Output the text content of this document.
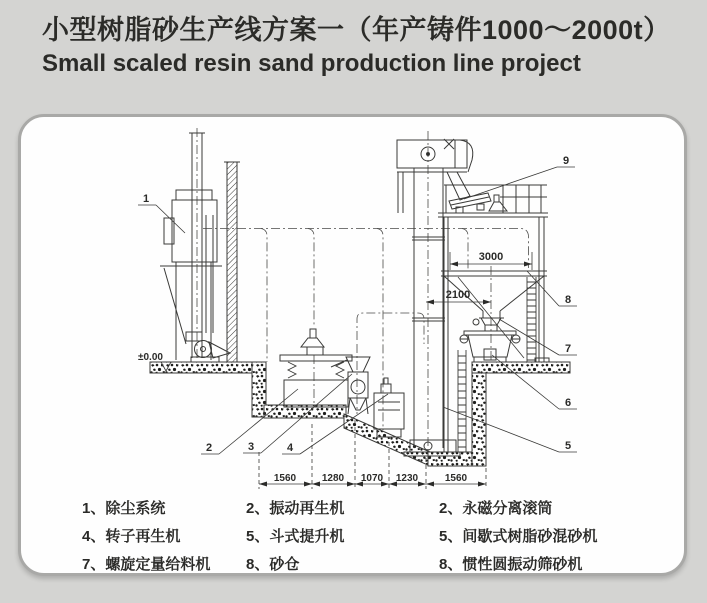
小型树脂砂生产线方案一（年产铸件1000～2000t）
Small scaled resin sand production line project
3000
2100
1560	1280 1070 1230	1560
±0.00
1
2	3	4	5
6
7
8
9
1、除尘系统	2、振动再生机	2、永磁分离滚筒
4、转子再生机	5、斗式提升机	5、间歇式树脂砂混砂机
7、螺旋定量给料机	8、砂仓	8、惯性圆振动筛砂机
